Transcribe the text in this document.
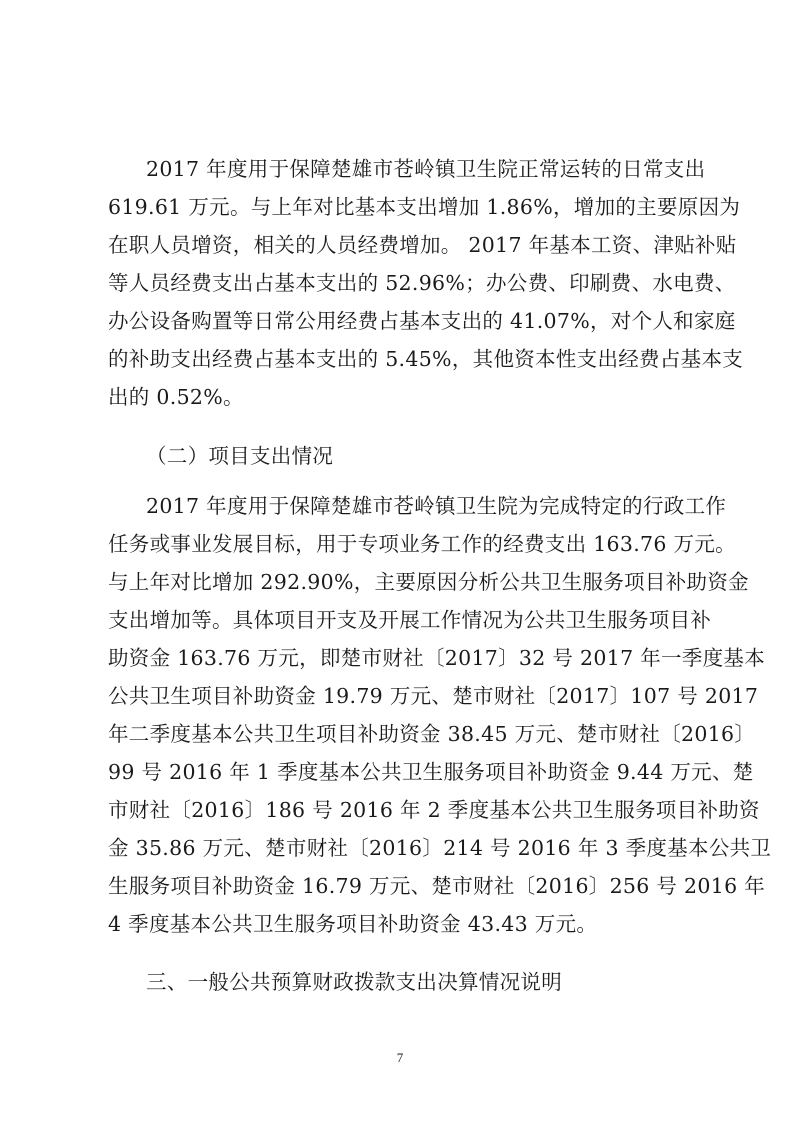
2017 年度用于保障楚雄市苍岭镇卫生院正常运转的日常支出
619.61 万元。与上年对比基本支出增加 1.86%，增加的主要原因为
在职人员增资，相关的人员经费增加。 2017 年基本工资、津贴补贴
等人员经费支出占基本支出的 52.96%；办公费、印刷费、水电费、
办公设备购置等日常公用经费占基本支出的 41.07%，对个人和家庭
的补助支出经费占基本支出的 5.45%，其他资本性支出经费占基本支
出的 0.52%。
（二）项目支出情况
2017 年度用于保障楚雄市苍岭镇卫生院为完成特定的行政工作
任务或事业发展目标，用于专项业务工作的经费支出 163.76 万元。
与上年对比增加 292.90%，主要原因分析公共卫生服务项目补助资金
支出增加等。具体项目开支及开展工作情况为公共卫生服务项目补
助资金 163.76 万元，即楚市财社〔2017〕32 号 2017 年一季度基本
公共卫生项目补助资金 19.79 万元、楚市财社〔2017〕107 号 2017
年二季度基本公共卫生项目补助资金 38.45 万元、楚市财社〔2016〕
99 号 2016 年 1 季度基本公共卫生服务项目补助资金 9.44 万元、楚
市财社〔2016〕186 号 2016 年 2 季度基本公共卫生服务项目补助资
金 35.86 万元、楚市财社〔2016〕214 号 2016 年 3 季度基本公共卫
生服务项目补助资金 16.79 万元、楚市财社〔2016〕256 号 2016 年
4 季度基本公共卫生服务项目补助资金 43.43 万元。
三、一般公共预算财政拨款支出决算情况说明
7
